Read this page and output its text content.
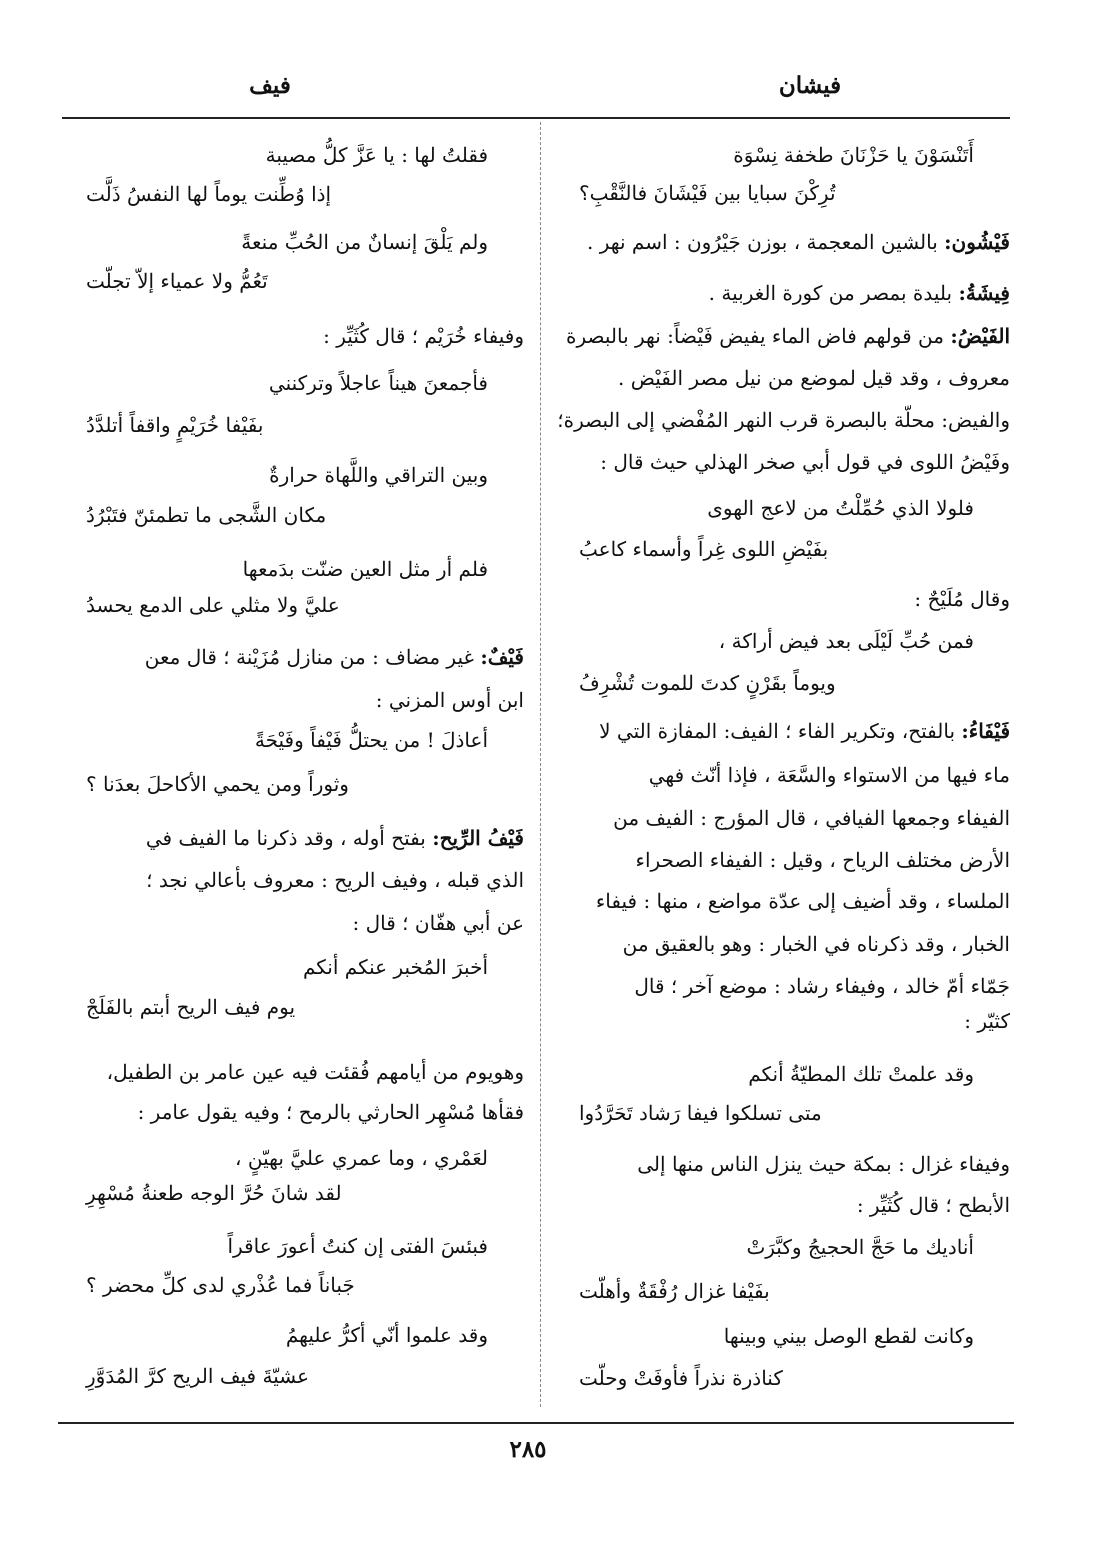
فيشان
فيف
أَتَنْسَوْنَ يا حَزْنَانَ طخفة نِسْوَة
تُرِكْنَ سبايا بين فَيْشَانَ فالنَّقْبِ؟
فَيْشُون: بالشين المعجمة ، بوزن جَيْرُون : اسم نهر .
فِيشَةُ: بليدة بمصر من كورة الغربية .
الفَيْضُ: من قولهم فاض الماء يفيض فَيْضاً: نهر بالبصرة
معروف ، وقد قيل لموضع من نيل مصر الفَيْض .
والفيض: محلّة بالبصرة قرب النهر المُفْضي إلى البصرة؛
وفَيْضُ اللوى في قول أبي صخر الهذلي حيث قال :
فلولا الذي حُمِّلْتُ من لاعج الهوى
بفَيْضِ اللوى غِراً وأسماء كاعبُ
وقال مُلَيْحٌ :
فمن حُبِّ لَيْلَى بعد فيض أراكة ،
ويوماً بقَرْنٍ كدتَ للموت تُشْرِفُ
فَيْفَاءُ: بالفتح، وتكرير الفاء ؛ الفيف: المفازة التي لا
ماء فيها من الاستواء والسَّعَة ، فإذا أنّث فهي
الفيفاء وجمعها الفيافي ، قال المؤرج : الفيف من
الأرض مختلف الرياح ، وقيل : الفيفاء الصحراء
الملساء ، وقد أضيف إلى عدّة مواضع ، منها : فيفاء
الخبار ، وقد ذكرناه في الخبار : وهو بالعقيق من
جَمّاء أمّ خالد ، وفيفاء رشاد : موضع آخر ؛ قال
كثيّر :
وقد علمتْ تلك المطيّةُ أنكم
متى تسلكوا فيفا رَشاد تَحَرَّدُوا
وفيفاء غزال : بمكة حيث ينزل الناس منها إلى
الأبطح ؛ قال كُثَيِّر :
أناديك ما حَجَّ الحجيجُ وكبَّرَتْ
بفَيْفا غزال رُفْقَةٌ وأهلّت
وكانت لقطع الوصل بيني وبينها
كناذرة نذراً فأوفَتْ وحلّت
فقلتُ لها : يا عَزَّ كلُّ مصيبة
إذا وُطِّنت يوماً لها النفسُ ذَلَّت
ولم يَلْقَ إنسانٌ من الحُبِّ منعةً
تَعُمُّ ولا عمياء إلاّ تجلّت
وفيفاء خُرَيْم ؛ قال كُثَيِّر :
فأجمعنَ هيناً عاجلاً وتركنني
بفَيْفا خُرَيْمٍ واقفاً أتلدَّدُ
وبين التراقي واللَّهاة حرارةٌ
مكان الشَّجى ما تطمئنّ فتَبْرُدُ
فلم أر مثل العين ضنّت بدَمعها
عليَّ ولا مثلي على الدمع يحسدُ
فَيْفٌ: غير مضاف : من منازل مُزَيْنة ؛ قال معن
ابن أوس المزني :
أعاذلَ ! من يحتلُّ فَيْفاً وفَيْحَةً
وثوراً ومن يحمي الأكاحلَ بعدَنا ؟
فَيْفُ الرِّيح: بفتح أوله ، وقد ذكرنا ما الفيف في
الذي قبله ، وفيف الريح : معروف بأعالي نجد ؛
عن أبي هفّان ؛ قال :
أخبرَ المُخبر عنكم أنكم
يوم فيف الريح أبتم بالفَلَجْ
وهويوم من أيامهم فُقئت فيه عين عامر بن الطفيل،
فقأها مُسْهِر الحارثي بالرمح ؛ وفيه يقول عامر :
لعَمْري ، وما عمري عليَّ بهيّنٍ ،
لقد شانَ حُرَّ الوجه طعنةُ مُسْهِرِ
فبئسَ الفتى إن كنتُ أعورَ عاقراً
جَباناً فما عُذْري لدى كلِّ محضر ؟
وقد علموا أنّي أكرُّ عليهمُ
عشيّةَ فيف الريح كرَّ المُدَوَّرِ
٢٨٥
